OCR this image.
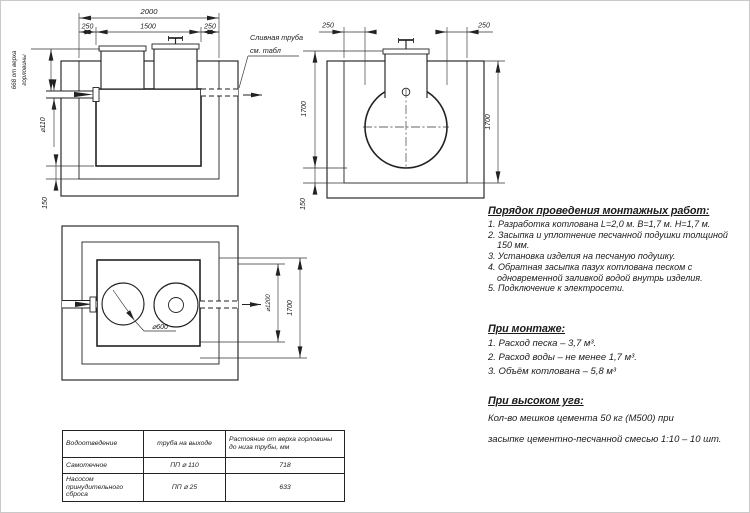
2000
250	1500	250
668 от верха горловины
⌀110
150
Сливная труба
см. табл
250	250
1700
150
1700
⌀600
⌀1200 1700
Водоотведение	труба на выходе	Растояние от верха горловины до низа трубы, мм
Самотечное	ПП ⌀ 110	718
Насосом принудительного сброса	ПП ⌀ 25	633
Порядок проведения монтажных работ:
1. Разработка котлована L=2,0 м. В=1,7 м. Н=1,7 м.
2. Засыпка и уплотнение песчанной подушки толщиной 150 мм.
3. Установка изделия на песчаную подушку.
4. Обратная засыпка пазух котлована песком с одновременной заливкой водой внутрь изделия.
5. Подключение к электросети.
При монтаже:
1. Расход песка – 3,7 м³.
2. Расход воды – не менее 1,7 м³.
3. Объём котлована – 5,8 м³
При высоком угв:
Кол-во мешков цемента 50 кг (М500) при
засыпке цементно-песчанной смесью 1:10 – 10 шт.
